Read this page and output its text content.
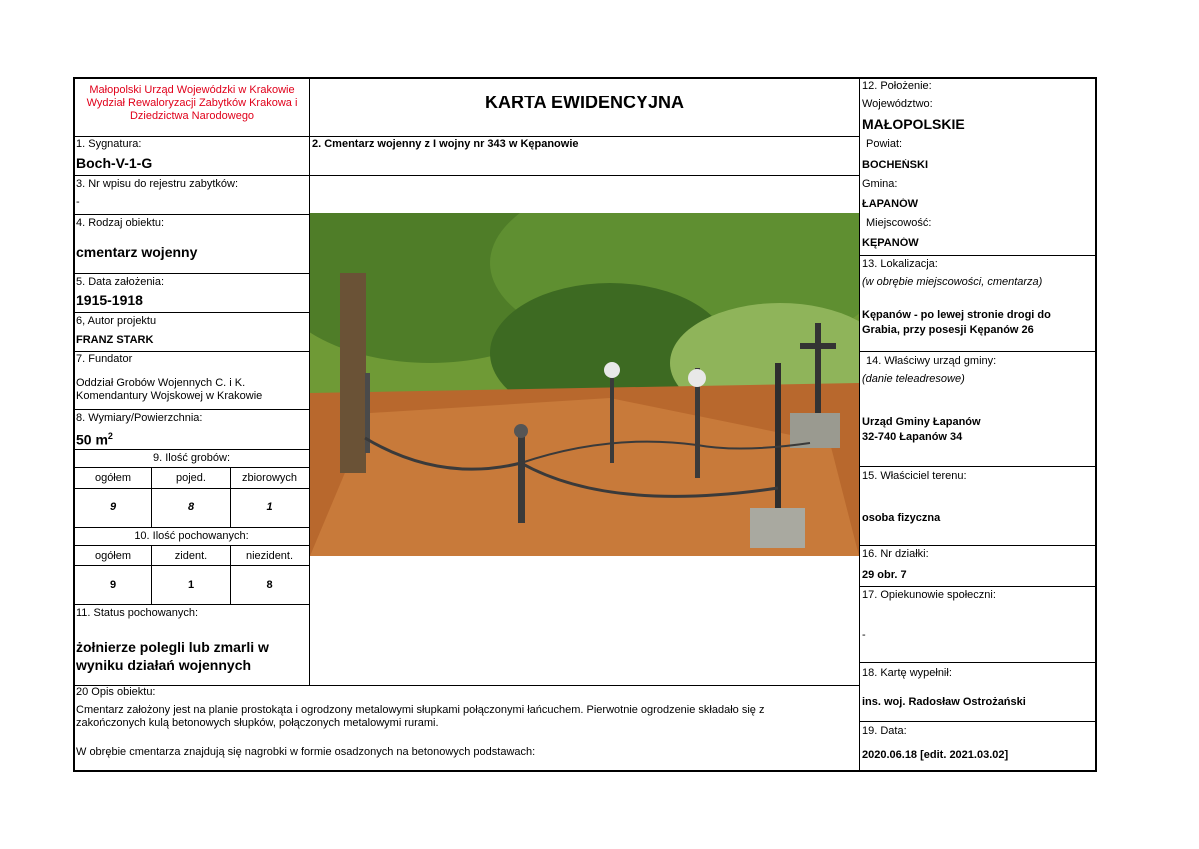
Małopolski Urząd Wojewódzki w Krakowie Wydział Rewaloryzacji Zabytków Krakowa i Dziedzictwa Narodowego
KARTA EWIDENCYJNA
2. Cmentarz wojenny z I wojny nr 343 w Kępanowie
1. Sygnatura:
Boch-V-1-G
3. Nr wpisu do rejestru zabytków:
-
4. Rodzaj obiektu:
cmentarz wojenny
5. Data założenia:
1915-1918
6, Autor projektu
FRANZ STARK
7. Fundator
Oddział Grobów Wojennych C. i K. Komendantury Wojskowej w Krakowie
8. Wymiary/Powierzchnia:
50 $m^2$
9. Ilość grobów:
ogółem	pojed.	zbiorowych
9	8	1
10. Ilość pochowanych:
ogółem	zident.	niezident.
9	1	8
11. Status pochowanych:
żołnierze polegli lub zmarli w wyniku działań wojennych
12. Położenie:
Województwo:
MAŁOPOLSKIE
Powiat:
BOCHEŃSKI
Gmina:
ŁAPANÓW
Miejscowość:
KĘPANÓW
13. Lokalizacja:
(w obrębie miejscowości, cmentarza)
Kępanów - po lewej stronie drogi do Grabia, przy posesji Kępanów 26
14. Właściwy urząd gminy:
(danie teleadresowe)
Urząd Gminy Łapanów
32-740 Łapanów 34
15. Właściciel terenu:
osoba fizyczna
16. Nr działki:
29 obr. 7
17. Opiekunowie społeczni:
-
18. Kartę wypełnił:
ins. woj. Radosław Ostrożański
19. Data:
2020.06.18 [edit. 2021.03.02]
20 Opis obiektu:
Cmentarz założony jest na planie prostokąta i ogrodzony metalowymi słupkami połączonymi łańcuchem. Pierwotnie ogrodzenie składało się z zakończonych kulą betonowych słupków, połączonych metalowymi rurami.
W obrębie cmentarza znajdują się nagrobki w formie osadzonych na betonowych podstawach:
